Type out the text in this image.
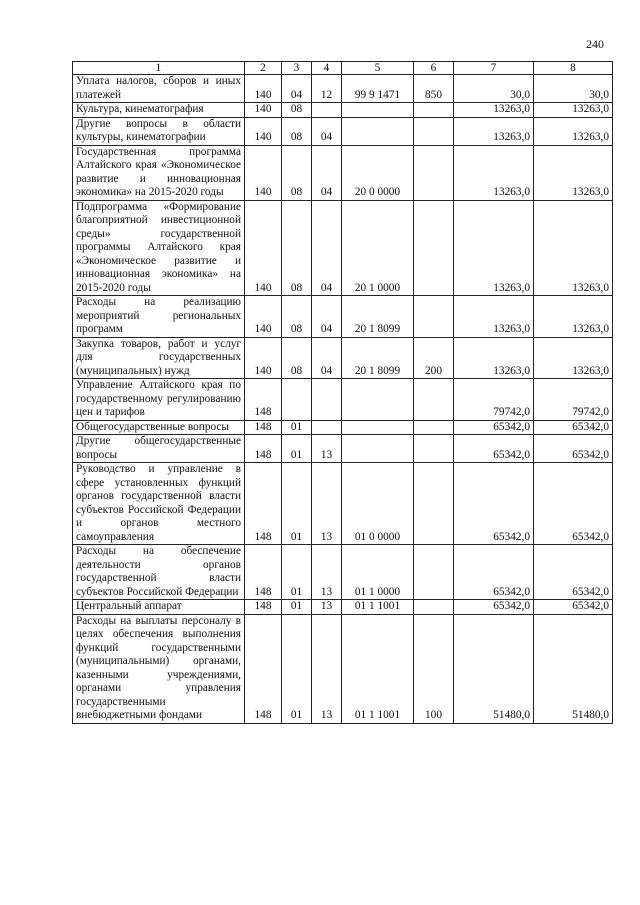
240
1	2	3	4	5	6	7	8
Уплата налогов, сборов и иных платежей	140	04	12	99 9 1471	850	30,0	30,0
Культура, кинематография	140	08				13263,0	13263,0
Другие вопросы в области культуры, кинематографии	140	08	04			13263,0	13263,0
Государственная программа Алтайского края «Экономическое развитие и инновационная экономика» на 2015-2020 годы	140	08	04	20 0 0000		13263,0	13263,0
Подпрограмма «Формирование благоприятной инвестиционной среды» государственной программы Алтайского края «Экономическое развитие и инновационная экономика» на 2015-2020 годы	140	08	04	20 1 0000		13263,0	13263,0
Расходы на реализацию мероприятий региональных программ	140	08	04	20 1 8099		13263,0	13263,0
Закупка товаров, работ и услуг для государственных (муниципальных) нужд	140	08	04	20 1 8099	200	13263,0	13263,0
Управление Алтайского края по государственному регулированию цен и тарифов	148					79742,0	79742,0
Общегосударственные вопросы	148	01				65342,0	65342,0
Другие общегосударственные вопросы	148	01	13			65342,0	65342,0
Руководство и управление в сфере установленных функций органов государственной власти субъектов Российской Федерации и органов местного самоуправления	148	01	13	01 0 0000		65342,0	65342,0
Расходы на обеспечение деятельности органов государственной власти субъектов Российской Федерации	148	01	13	01 1 0000		65342,0	65342,0
Центральный аппарат	148	01	13	01 1 1001		65342,0	65342,0
Расходы на выплаты персоналу в целях обеспечения выполнения функций государственными (муниципальными) органами, казенными учреждениями, органами управления государственными внебюджетными фондами	148	01	13	01 1 1001	100	51480,0	51480,0
